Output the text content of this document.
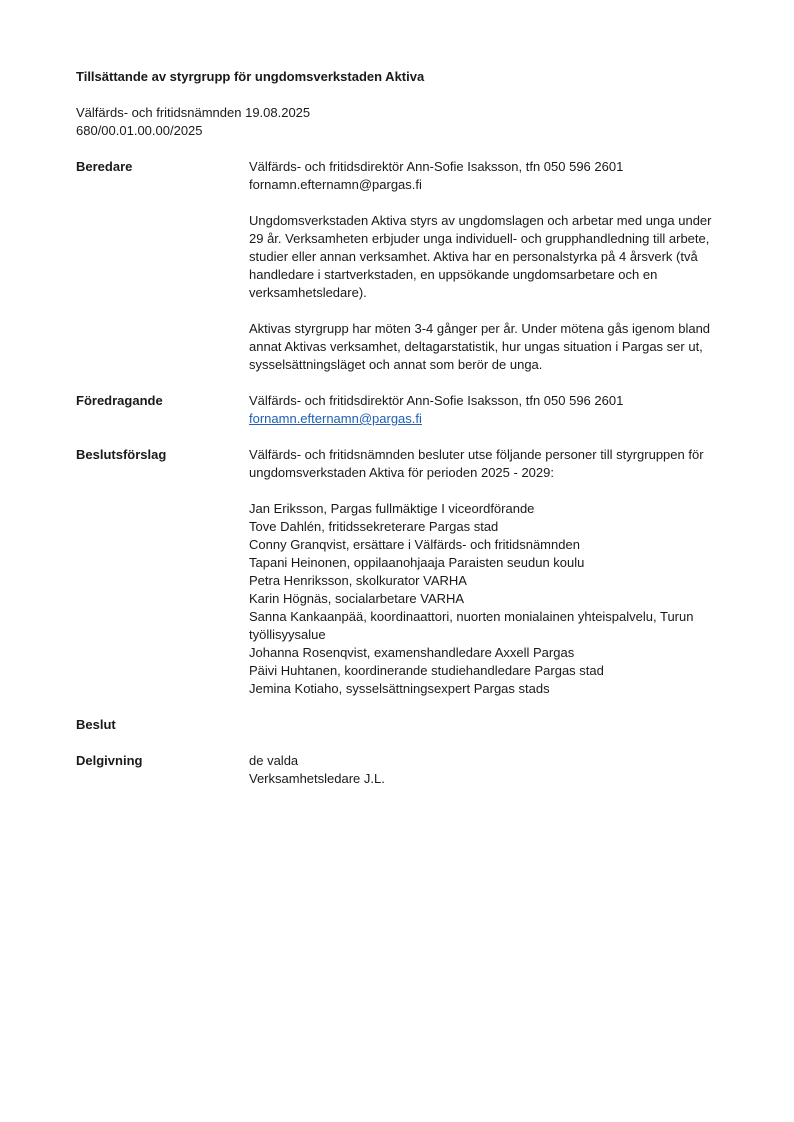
Tillsättande av styrgrupp för ungdomsverkstaden Aktiva
Välfärds- och fritidsnämnden 19.08.2025
680/00.01.00.00/2025
Beredare	Välfärds- och fritidsdirektör Ann-Sofie Isaksson, tfn 050 596 2601
fornamn.efternamn@pargas.fi
Ungdomsverkstaden Aktiva styrs av ungdomslagen och arbetar med unga under
29 år. Verksamheten erbjuder unga individuell- och grupphandledning till arbete,
studier eller annan verksamhet. Aktiva har en personalstyrka på 4 årsverk (två
handledare i startverkstaden, en uppsökande ungdomsarbetare och en
verksamhetsledare).
Aktivas styrgrupp har möten 3-4 gånger per år. Under mötena gås igenom bland
annat Aktivas verksamhet, deltagarstatistik, hur ungas situation i Pargas ser ut,
sysselsättningsläget och annat som berör de unga.
Föredragande	Välfärds- och fritidsdirektör Ann-Sofie Isaksson, tfn 050 596 2601
fornamn.efternamn@pargas.fi
Beslutsförslag	Välfärds- och fritidsnämnden besluter utse följande personer till styrgruppen för
ungdomsverkstaden Aktiva för perioden 2025 - 2029:
Jan Eriksson, Pargas fullmäktige I viceordförande
Tove Dahlén, fritidssekreterare Pargas stad
Conny Granqvist, ersättare i Välfärds- och fritidsnämnden
Tapani Heinonen, oppilaanohjaaja Paraisten seudun koulu
Petra Henriksson, skolkurator VARHA
Karin Högnäs, socialarbetare VARHA
Sanna Kankaanpää, koordinaattori, nuorten monialainen yhteispalvelu, Turun
työllisyysalue
Johanna Rosenqvist, examenshandledare Axxell Pargas
Päivi Huhtanen, koordinerande studiehandledare Pargas stad
Jemina Kotiaho, sysselsättningsexpert Pargas stads
Beslut
Delgivning	de valda
Verksamhetsledare J.L.
